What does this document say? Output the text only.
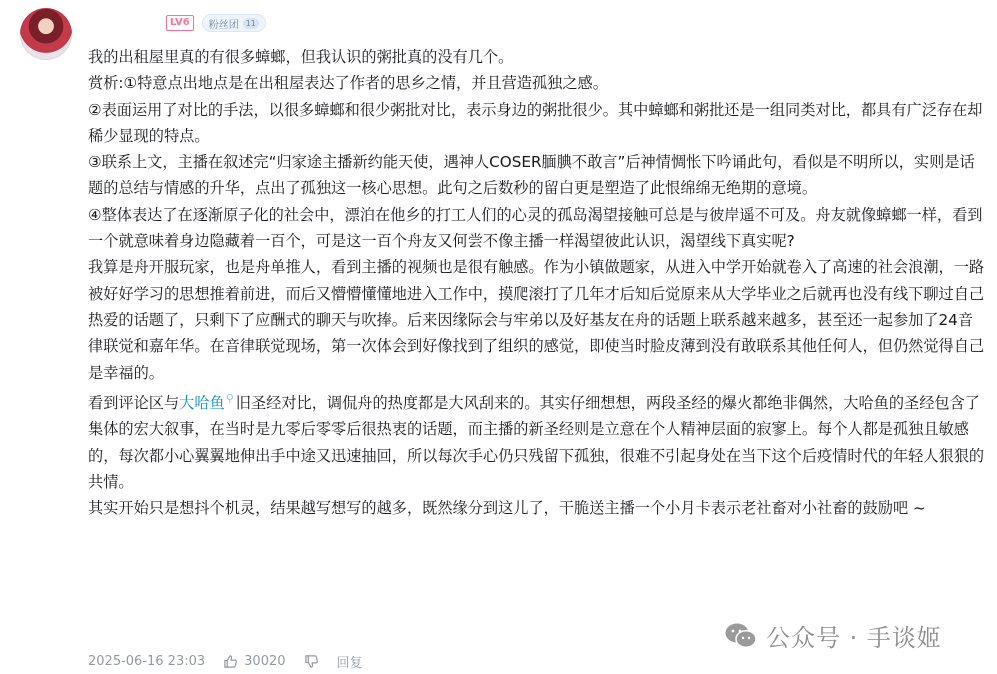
LV6	粉丝团 11

我的出租屋里真的有很多蟑螂，但我认识的粥批真的没有几个。

赏析:①特意点出地点是在出租屋表达了作者的思乡之情，并且营造孤独之感。

②表面运用了对比的手法，以很多蟑螂和很少粥批对比，表示身边的粥批很少。其中蟑螂和粥批还是一组同类对比，都具有广泛存在却稀少显现的特点。

③联系上文，主播在叙述完“归家途主播新约能天使，遇神人COSER腼腆不敢言”后神情惆怅下吟诵此句，看似是不明所以，实则是话题的总结与情感的升华，点出了孤独这一核心思想。此句之后数秒的留白更是塑造了此恨绵绵无绝期的意境。

④整体表达了在逐渐原子化的社会中，漂泊在他乡的打工人们的心灵的孤岛渴望接触可总是与彼岸遥不可及。舟友就像蟑螂一样，看到一个就意味着身边隐藏着一百个，可是这一百个舟友又何尝不像主播一样渴望彼此认识，渴望线下真实呢?

我算是舟开服玩家，也是舟单推人，看到主播的视频也是很有触感。作为小镇做题家，从进入中学开始就卷入了高速的社会浪潮，一路被好好学习的思想推着前进，而后又懵懵懂懂地进入工作中，摸爬滚打了几年才后知后觉原来从大学毕业之后就再也没有线下聊过自己热爱的话题了，只剩下了应酬式的聊天与吹捧。后来因缘际会与牢弟以及好基友在舟的话题上联系越来越多，甚至还一起参加了24音律联觉和嘉年华。在音律联觉现场，第一次体会到好像找到了组织的感觉，即使当时脸皮薄到没有敢联系其他任何人，但仍然觉得自己是幸福的。

看到评论区与大哈鱼⚲ 旧圣经对比，调侃舟的热度都是大风刮来的。其实仔细想想，两段圣经的爆火都绝非偶然，大哈鱼的圣经包含了集体的宏大叙事，在当时是九零后零零后很热衷的话题，而主播的新圣经则是立意在个人精神层面的寂寥上。每个人都是孤独且敏感的，每次都小心翼翼地伸出手中途又迅速抽回，所以每次手心仍只残留下孤独，很难不引起身处在当下这个后疫情时代的年轻人狠狠的共情。

其实开始只是想抖个机灵，结果越写想写的越多，既然缘分到这儿了，干脆送主播一个小月卡表示老社畜对小社畜的鼓励吧 ~

2025-06-16 23:03	30020	回复
公众号 · 手谈姬
